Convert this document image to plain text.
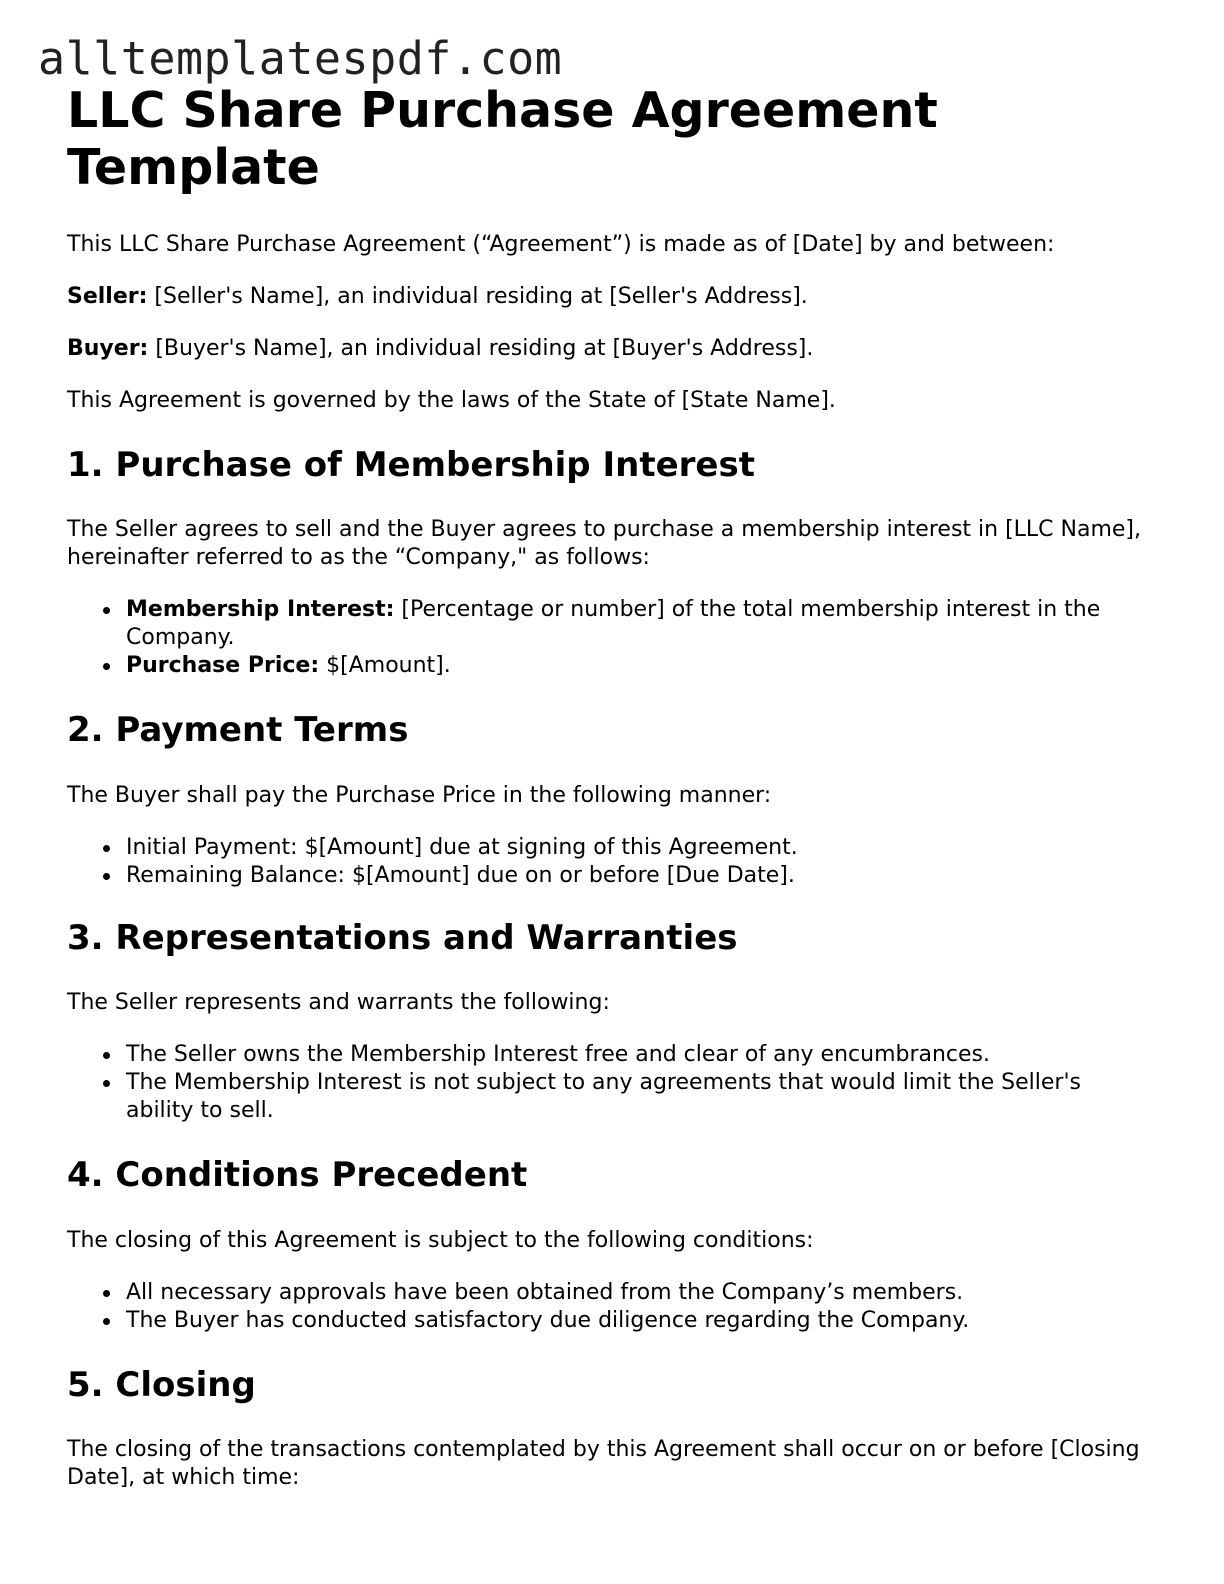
alltemplatespdf.com
LLC Share Purchase Agreement Template

This LLC Share Purchase Agreement (“Agreement”) is made as of [Date] by and between:

Seller: [Seller's Name], an individual residing at [Seller's Address].

Buyer: [Buyer's Name], an individual residing at [Buyer's Address].

This Agreement is governed by the laws of the State of [State Name].

1. Purchase of Membership Interest

The Seller agrees to sell and the Buyer agrees to purchase a membership interest in [LLC Name], hereinafter referred to as the “Company," as follows:

Membership Interest: [Percentage or number] of the total membership interest in the Company.
Purchase Price: $[Amount].
2. Payment Terms

The Buyer shall pay the Purchase Price in the following manner:

Initial Payment: $[Amount] due at signing of this Agreement.
Remaining Balance: $[Amount] due on or before [Due Date].
3. Representations and Warranties

The Seller represents and warrants the following:

The Seller owns the Membership Interest free and clear of any encumbrances.
The Membership Interest is not subject to any agreements that would limit the Seller's ability to sell.
4. Conditions Precedent

The closing of this Agreement is subject to the following conditions:

All necessary approvals have been obtained from the Company’s members.
The Buyer has conducted satisfactory due diligence regarding the Company.
5. Closing

The closing of the transactions contemplated by this Agreement shall occur on or before [Closing Date], at which time:
